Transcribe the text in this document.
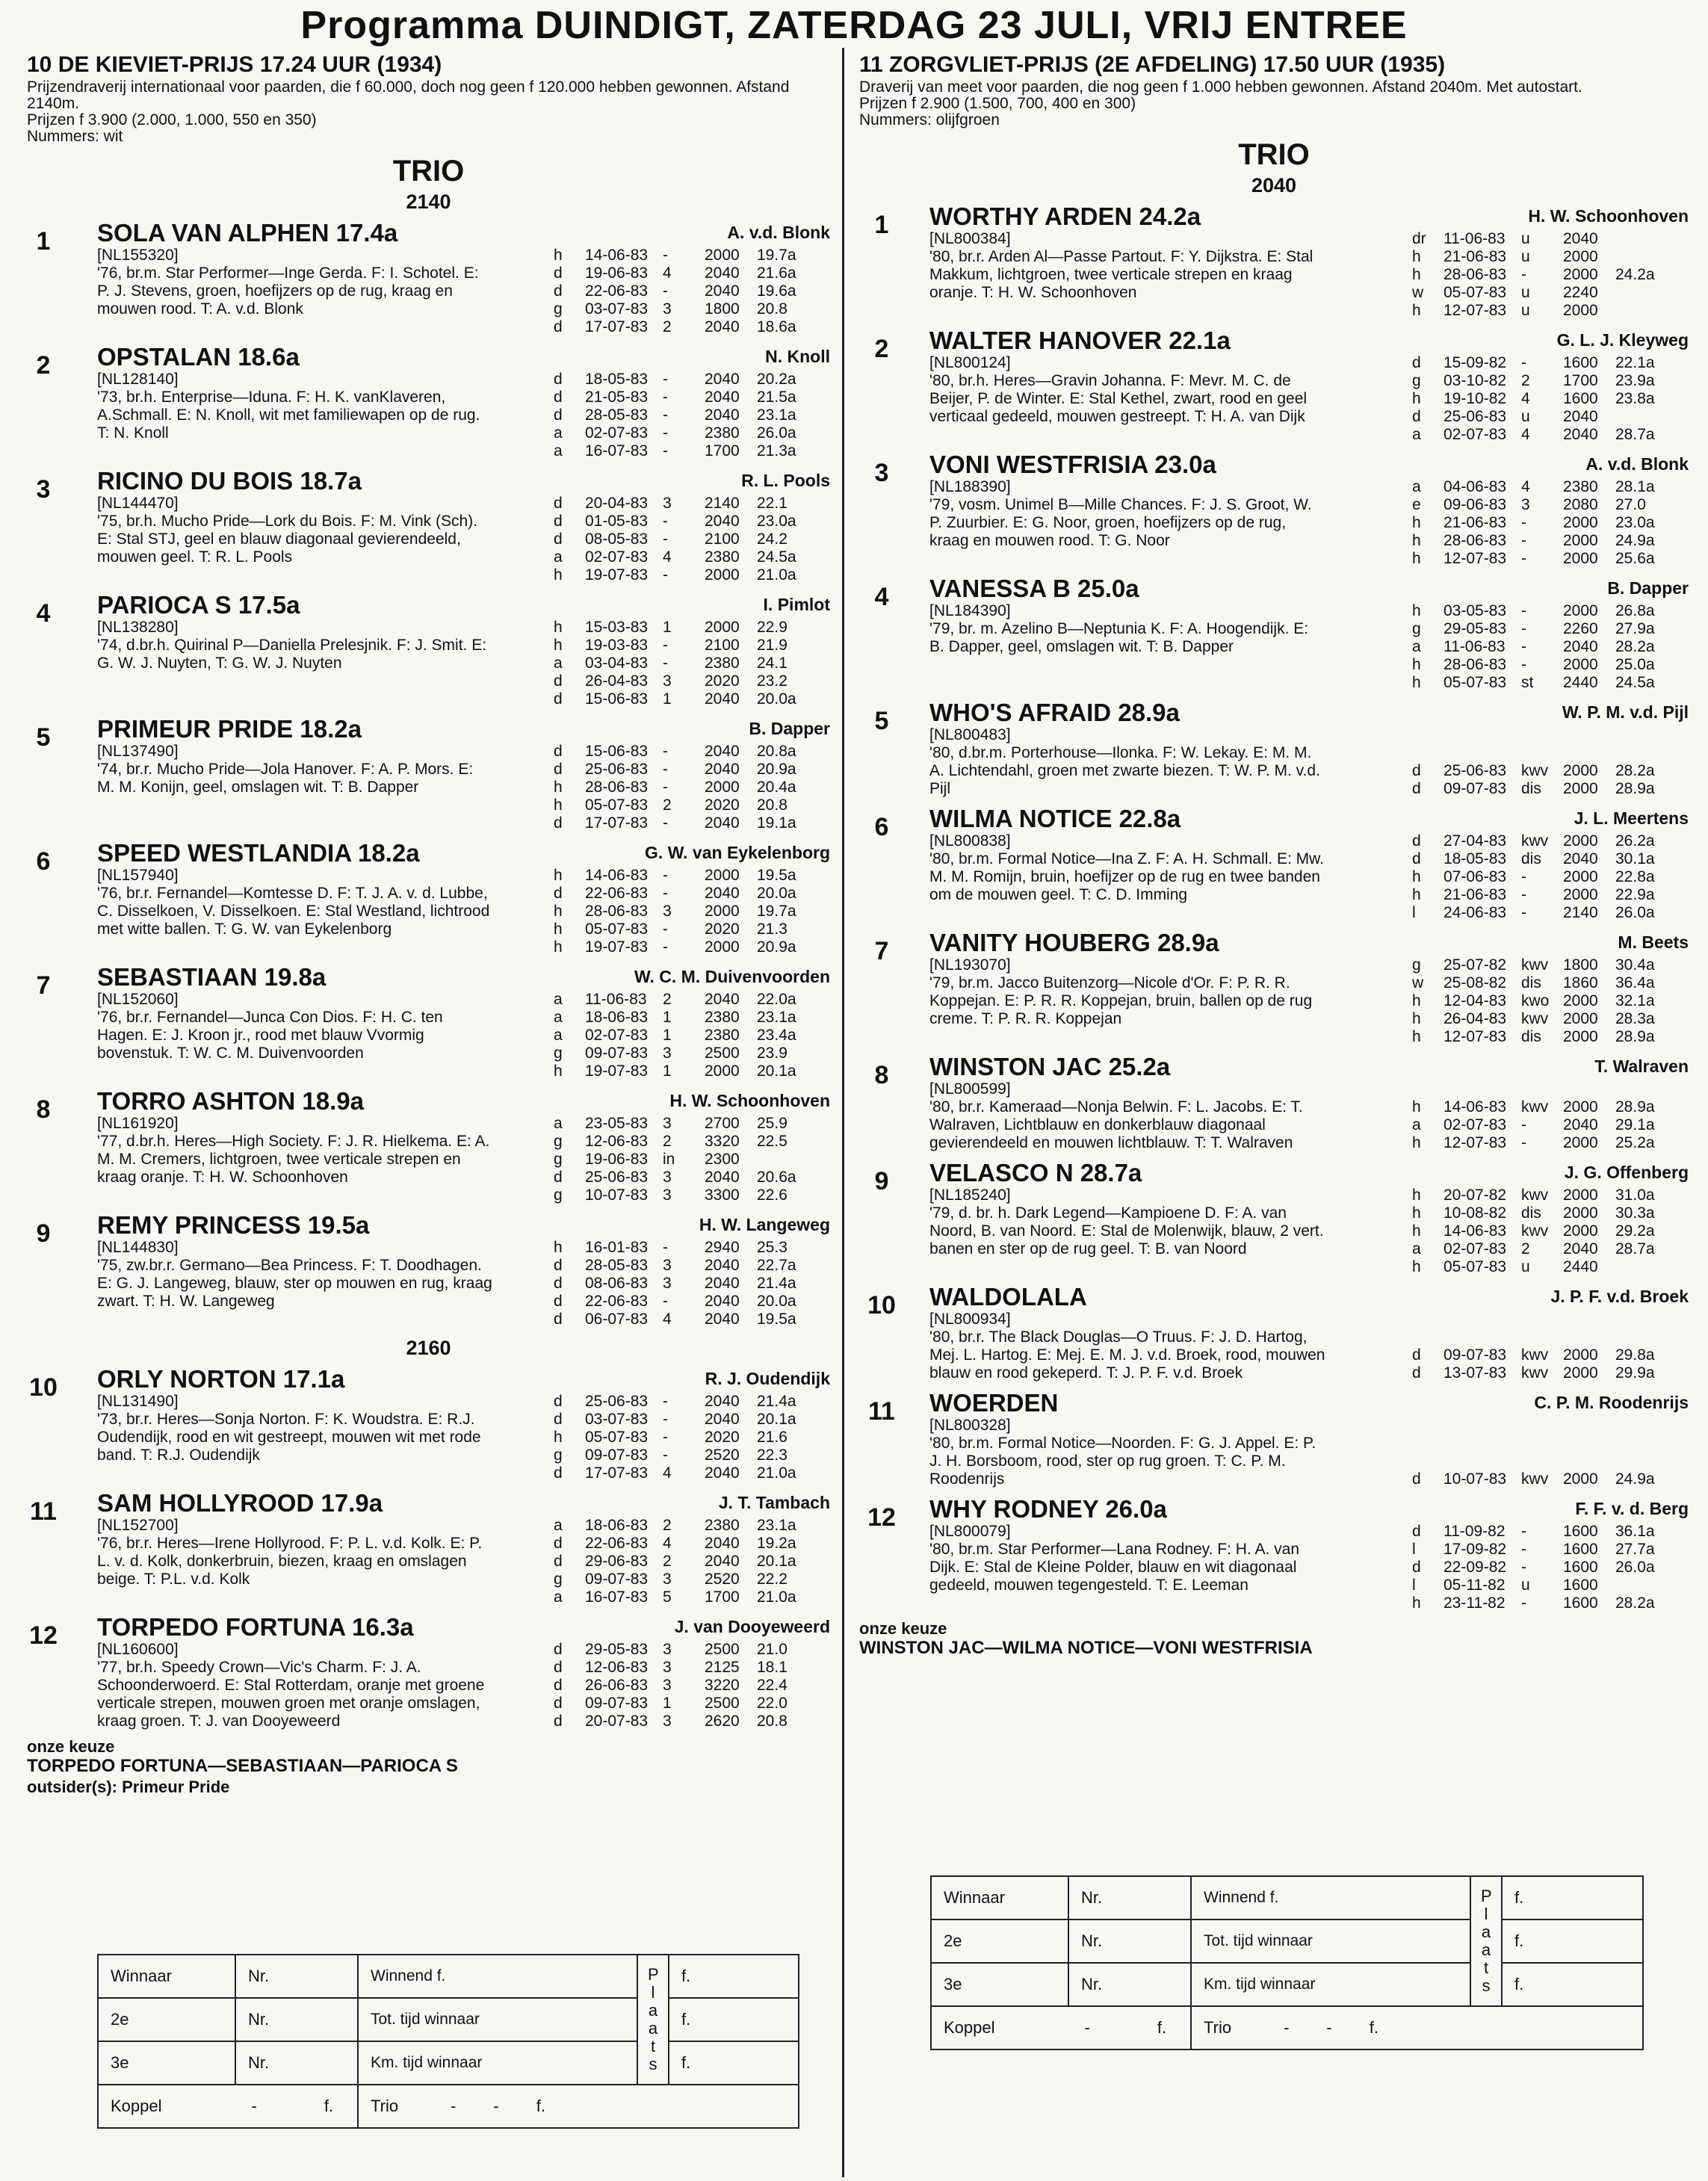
Programma DUINDIGT, ZATERDAG 23 JULI, VRIJ ENTREE
10 DE KIEVIET-PRIJS 17.24 UUR (1934)
Prijzendraverij internationaal voor paarden, die f 60.000, doch nog geen f 120.000 hebben gewonnen. Afstand 2140m.
Prijzen f 3.900 (2.000, 1.000, 550 en 350)
Nummers: wit
TRIO
2140
1	SOLA VAN ALPHEN 17.4a	A. v.d. Blonk
[NL155320]
'76, br.m. Star Performer—Inge Gerda. F: I. Schotel. E: P. J. Stevens, groen, hoefijzers op de rug, kraag en mouwen rood. T: A. v.d. Blonk
h	14-06-83 -	2000	19.7a
d	19-06-83 4	2040	21.6a
d	22-06-83 -	2040	19.6a
g	03-07-83 3	1800	20.8
d	17-07-83 2	2040	18.6a
2	OPSTALAN 18.6a	N. Knoll
[NL128140]
'73, br.h. Enterprise—Iduna. F: H. K. vanKlaveren, A.Schmall. E: N. Knoll, wit met familiewapen op de rug. T: N. Knoll
d	18-05-83 -	2040	20.2a
d	21-05-83 -	2040	21.5a
d	28-05-83 -	2040	23.1a
a	02-07-83 -	2380	26.0a
a	16-07-83 -	1700	21.3a
3	RICINO DU BOIS 18.7a	R. L. Pools
[NL144470]
'75, br.h. Mucho Pride—Lork du Bois. F: M. Vink (Sch). E: Stal STJ, geel en blauw diagonaal gevierendeeld, mouwen geel. T: R. L. Pools
d	20-04-83 3	2140	22.1
d	01-05-83 -	2040	23.0a
d	08-05-83 -	2100	24.2
a	02-07-83 4	2380	24.5a
h	19-07-83 -	2000	21.0a
4	PARIOCA S 17.5a	I. Pimlot
[NL138280]
'74, d.br.h. Quirinal P—Daniella Prelesjnik. F: J. Smit. E: G. W. J. Nuyten, T: G. W. J. Nuyten
h	15-03-83 1	2000	22.9
h	19-03-83 -	2100	21.9
a	03-04-83 -	2380	24.1
d	26-04-83 3	2020	23.2
d	15-06-83 1	2040	20.0a
5	PRIMEUR PRIDE 18.2a	B. Dapper
[NL137490]
'74, br.r. Mucho Pride—Jola Hanover. F: A. P. Mors. E: M. M. Konijn, geel, omslagen wit. T: B. Dapper
d	15-06-83 -	2040	20.8a
d	25-06-83 -	2040	20.9a
h	28-06-83 -	2000	20.4a
h	05-07-83 2	2020	20.8
d	17-07-83 -	2040	19.1a
6	SPEED WESTLANDIA 18.2a	G. W. van Eykelenborg
[NL157940]
'76, br.r. Fernandel—Komtesse D. F: T. J. A. v. d. Lubbe, C. Disselkoen, V. Disselkoen. E: Stal Westland, lichtrood met witte ballen. T: G. W. van Eykelenborg
h	14-06-83 -	2000	19.5a
d	22-06-83 -	2040	20.0a
h	28-06-83 3	2000	19.7a
h	05-07-83 -	2020	21.3
h	19-07-83 -	2000	20.9a
7	SEBASTIAAN 19.8a	W. C. M. Duivenvoorden
[NL152060]
'76, br.r. Fernandel—Junca Con Dios. F: H. C. ten Hagen. E: J. Kroon jr., rood met blauw Vvormig bovenstuk. T: W. C. M. Duivenvoorden
a	11-06-83	2	2040	22.0a
a	18-06-83 1	2380	23.1a
a	02-07-83 1	2380	23.4a
g	09-07-83 3	2500	23.9
h	19-07-83 1	2000	20.1a
8	TORRO ASHTON 18.9a	H. W. Schoonhoven
[NL161920]
'77, d.br.h. Heres—High Society. F: J. R. Hielkema. E: A. M. M. Cremers, lichtgroen, twee verticale strepen en kraag oranje. T: H. W. Schoonhoven
a	23-05-83 3	2700	25.9
g	12-06-83 2	3320	22.5
g	19-06-83 in	2300
d	25-06-83 3	2040	20.6a
g	10-07-83 3	3300	22.6
9	REMY PRINCESS 19.5a	H. W. Langeweg
[NL144830]
'75, zw.br.r. Germano—Bea Princess. F: T. Doodhagen. E: G. J. Langeweg, blauw, ster op mouwen en rug, kraag zwart. T: H. W. Langeweg
h	16-01-83 -	2940	25.3
d	28-05-83 3	2040	22.7a
d	08-06-83 3	2040	21.4a
d	22-06-83 -	2040	20.0a
d	06-07-83 4	2040	19.5a
2160
10	ORLY NORTON 17.1a	R. J. Oudendijk
[NL131490]
'73, br.r. Heres—Sonja Norton. F: K. Woudstra. E: R.J. Oudendijk, rood en wit gestreept, mouwen wit met rode band. T: R.J. Oudendijk
d	25-06-83 -	2040	21.4a
d	03-07-83 -	2040	20.1a
h	05-07-83 -	2020	21.6
g	09-07-83 -	2520	22.3
d	17-07-83 4	2040	21.0a
11	SAM HOLLYROOD 17.9a	J. T. Tambach
[NL152700]
'76, br.r. Heres—Irene Hollyrood. F: P. L. v.d. Kolk. E: P. L. v. d. Kolk, donkerbruin, biezen, kraag en omslagen beige. T: P.L. v.d. Kolk
a	18-06-83 2	2380	23.1a
d	22-06-83 4	2040	19.2a
d	29-06-83 2	2040	20.1a
g	09-07-83 3	2520	22.2
a	16-07-83 5	1700	21.0a
12	TORPEDO FORTUNA 16.3a	J. van Dooyeweerd
[NL160600]
'77, br.h. Speedy Crown—Vic's Charm. F: J. A. Schoonderwoerd. E: Stal Rotterdam, oranje met groene verticale strepen, mouwen groen met oranje omslagen, kraag groen. T: J. van Dooyeweerd
d	29-05-83 3	2500	21.0
d	12-06-83 3	2125	18.1
d	26-06-83 3	3220	22.4
d	09-07-83 1	2500	22.0
d	20-07-83 3	2620	20.8
onze keuze
TORPEDO FORTUNA—SEBASTIAAN—PARIOCA S
outsider(s): Primeur Pride
11 ZORGVLIET-PRIJS (2E AFDELING) 17.50 UUR (1935)
Draverij van meet voor paarden, die nog geen f 1.000 hebben gewonnen. Afstand 2040m. Met autostart.
Prijzen f 2.900 (1.500, 700, 400 en 300)
Nummers: olijfgroen
TRIO
2040
1	WORTHY ARDEN 24.2a	H. W. Schoonhoven
[NL800384]
'80, br.r. Arden Al—Passe Partout. F: Y. Dijkstra. E: Stal Makkum, lichtgroen, twee verticale strepen en kraag oranje. T: H. W. Schoonhoven
dr	11-06-83	u	2040
h	21-06-83 u	2000
h	28-06-83 -	2000	24.2a
w	05-07-83 u	2240
h	12-07-83 u	2000
2	WALTER HANOVER 22.1a	G. L. J. Kleyweg
[NL800124]
'80, br.h. Heres—Gravin Johanna. F: Mevr. M. C. de Beijer, P. de Winter. E: Stal Kethel, zwart, rood en geel verticaal gedeeld, mouwen gestreept. T: H. A. van Dijk
d	15-09-82 -	1600	22.1a
g	03-10-82 2	1700	23.9a
h	19-10-82 4	1600	23.8a
d	25-06-83 u	2040
a	02-07-83 4	2040	28.7a
3	VONI WESTFRISIA 23.0a	A. v.d. Blonk
[NL188390]
'79, vosm. Unimel B—Mille Chances. F: J. S. Groot, W. P. Zuurbier. E: G. Noor, groen, hoefijzers op de rug, kraag en mouwen rood. T: G. Noor
a	04-06-83 4	2380	28.1a
e	09-06-83 3	2080	27.0
h	21-06-83 -	2000	23.0a
h	28-06-83 -	2000	24.9a
h	12-07-83 -	2000	25.6a
4	VANESSA B 25.0a	B. Dapper
[NL184390]
'79, br. m. Azelino B—Neptunia K. F: A. Hoogendijk. E: B. Dapper, geel, omslagen wit. T: B. Dapper
h	03-05-83 -	2000	26.8a
g	29-05-83 -	2260	27.9a
a	11-06-83	-	2040	28.2a
h	28-06-83 -	2000	25.0a
h	05-07-83 st	2440	24.5a
5	WHO'S AFRAID 28.9a	W. P. M. v.d. Pijl
[NL800483]
'80, d.br.m. Porterhouse—Ilonka. F: W. Lekay. E: M. M. A. Lichtendahl, groen met zwarte biezen. T: W. P. M. v.d. Pijl
d	25-06-83 kwv 2000	28.2a
d	09-07-83 dis	2000	28.9a
6	WILMA NOTICE 22.8a	J. L. Meertens
[NL800838]
'80, br.m. Formal Notice—Ina Z. F: A. H. Schmall. E: Mw. M. M. Romijn, bruin, hoefijzer op de rug en twee banden om de mouwen geel. T: C. D. Imming
d	27-04-83 kwv 2000	26.2a
d	18-05-83 dis	2040	30.1a
h	07-06-83 -	2000	22.8a
h	21-06-83 -	2000	22.9a
l	24-06-83 -	2140	26.0a
7	VANITY HOUBERG 28.9a	M. Beets
[NL193070]
'79, br.m. Jacco Buitenzorg—Nicole d'Or. F: P. R. R. Koppejan. E: P. R. R. Koppejan, bruin, ballen op de rug creme. T: P. R. R. Koppejan
g	25-07-82 kwv 1800	30.4a
w	25-08-82 dis	1860	36.4a
h	12-04-83 kwo 2000	32.1a
h	26-04-83 kwv 2000	28.3a
h	12-07-83 dis	2000	28.9a
8	WINSTON JAC 25.2a	T. Walraven
[NL800599]
'80, br.r. Kameraad—Nonja Belwin. F: L. Jacobs. E: T. Walraven, Lichtblauw en donkerblauw diagonaal gevierendeeld en mouwen lichtblauw. T: T. Walraven
h	14-06-83 kwv 2000	28.9a
a	02-07-83 -	2040	29.1a
h	12-07-83 -	2000	25.2a
9	VELASCO N 28.7a	J. G. Offenberg
[NL185240]
'79, d. br. h. Dark Legend—Kampioene D. F: A. van Noord, B. van Noord. E: Stal de Molenwijk, blauw, 2 vert. banen en ster op de rug geel. T: B. van Noord
h	20-07-82 kwv 2000	31.0a
h	10-08-82 dis	2000	30.3a
h	14-06-83 kwv 2000	29.2a
a	02-07-83 2	2040	28.7a
h	05-07-83 u	2440
10	WALDOLALA	J. P. F. v.d. Broek
[NL800934]
'80, br.r. The Black Douglas—O Truus. F: J. D. Hartog, Mej. L. Hartog. E: Mej. E. M. J. v.d. Broek, rood, mouwen blauw en rood gekeperd. T: J. P. F. v.d. Broek
d	09-07-83 kwv 2000	29.8a
d	13-07-83 kwv 2000	29.9a
11	WOERDEN	C. P. M. Roodenrijs
[NL800328]
'80, br.m. Formal Notice—Noorden. F: G. J. Appel. E: P. J. H. Borsboom, rood, ster op rug groen. T: C. P. M. Roodenrijs	d	10-07-83 kwv 2000	24.9a
12	WHY RODNEY 26.0a	F. F. v. d. Berg
[NL800079]
'80, br.m. Star Performer—Lana Rodney. F: H. A. van Dijk. E: Stal de Kleine Polder, blauw en wit diagonaal gedeeld, mouwen tegengesteld. T: E. Leeman
d	11-09-82	-	1600	36.1a
l	17-09-82 -	1600	27.7a
d	22-09-82 -	1600	26.0a
l	05-11-82	u	1600
h	23-11-82	-	1600	28.2a
onze keuze
WINSTON JAC—WILMA NOTICE—VONI WESTFRISIA
Winnaar	Nr.	Winnend f.	P l a a t s	f.
2e	Nr.	Tot. tijd winnaar		f.
3e	Nr.	Km. tijd winnaar		f.
Koppel - f.		Trio - - f.		
Winnaar	Nr.	Winnend f.	P l a a t s	f.
2e	Nr.	Tot. tijd winnaar		f.
3e	Nr.	Km. tijd winnaar		f.
Koppel - f.		Trio - - f.		
